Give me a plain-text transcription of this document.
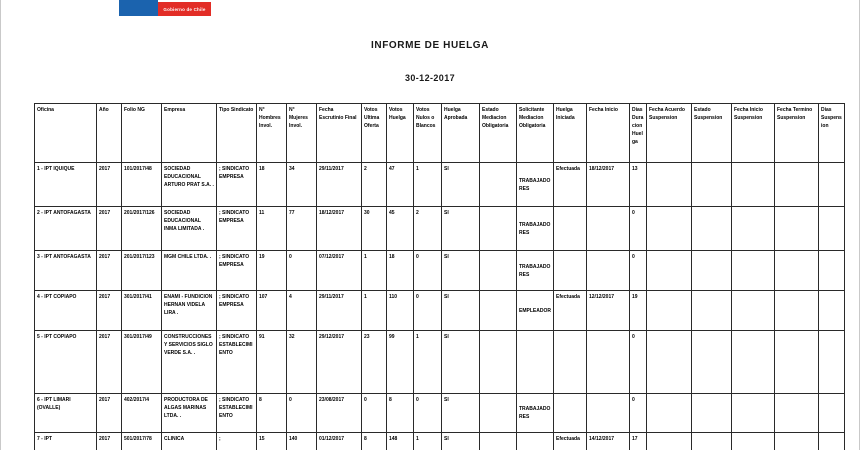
Gobierno de Chile
INFORME DE HUELGA
30-12-2017
Oficina	Año	Folio NG	Empresa	Tipo Sindicato	N° Hombres Invol.	N° Mujeres Invol.	Fecha Escrutinio Final	Votos Ultima Oferta	Votos Huelga	Votos Nulos o Blancos	Huelga Aprobada	Estado Mediacion Obligatoria	Solicitante Mediacion Obligatoria	Huelga Iniciada	Fecha Inicio	Dias Duracion Huelga	Fecha Acuerdo Suspension	Estado Suspension	Fecha Inicio Suspension	Fecha Termino Suspension	Dias Suspension
1 - IPT IQUIQUE	2017	101/2017/48	SOCIEDAD EDUCACIONAL ARTURO PRAT S.A. .	; SINDICATO EMPRESA	18	34	29/11/2017	2	47	1	SI		TRABAJADORES	Efectuada	18/12/2017	13					
2 - IPT ANTOFAGASTA	2017	201/2017/126	SOCIEDAD EDUCACIONAL INMA LIMITADA .	; SINDICATO EMPRESA	11	77	18/12/2017	30	45	2	SI		TRABAJADORES			0					
3 - IPT ANTOFAGASTA	2017	201/2017/123	MGM CHILE LTDA. .	; SINDICATO EMPRESA	19	0	07/12/2017	1	18	0	SI		TRABAJADORES			0					
4 - IPT COPIAPO	2017	301/2017/41	ENAMI - FUNDICION HERNAN VIDELA LIRA .	; SINDICATO EMPRESA	107	4	29/11/2017	1	110	0	SI		EMPLEADOR	Efectuada	12/12/2017	19					
5 - IPT COPIAPO	2017	301/2017/49	CONSTRUCCIONES Y SERVICIOS SIGLO VERDE S.A. .	; SINDICATO ESTABLECIMIENTO	91	32	29/12/2017	23	99	1	SI					0					
6 - IPT LIMARI (OVALLE)	2017	402/2017/4	PRODUCTORA DE ALGAS MARINAS LTDA. .	; SINDICATO ESTABLECIMIENTO	8	0	23/08/2017	0	8	0	SI		TRABAJADORES			0					
7 - IPT	2017	501/2017/78	CLINICA	;	15	140	01/12/2017	8	148	1	SI			Efectuada	14/12/2017	17					
